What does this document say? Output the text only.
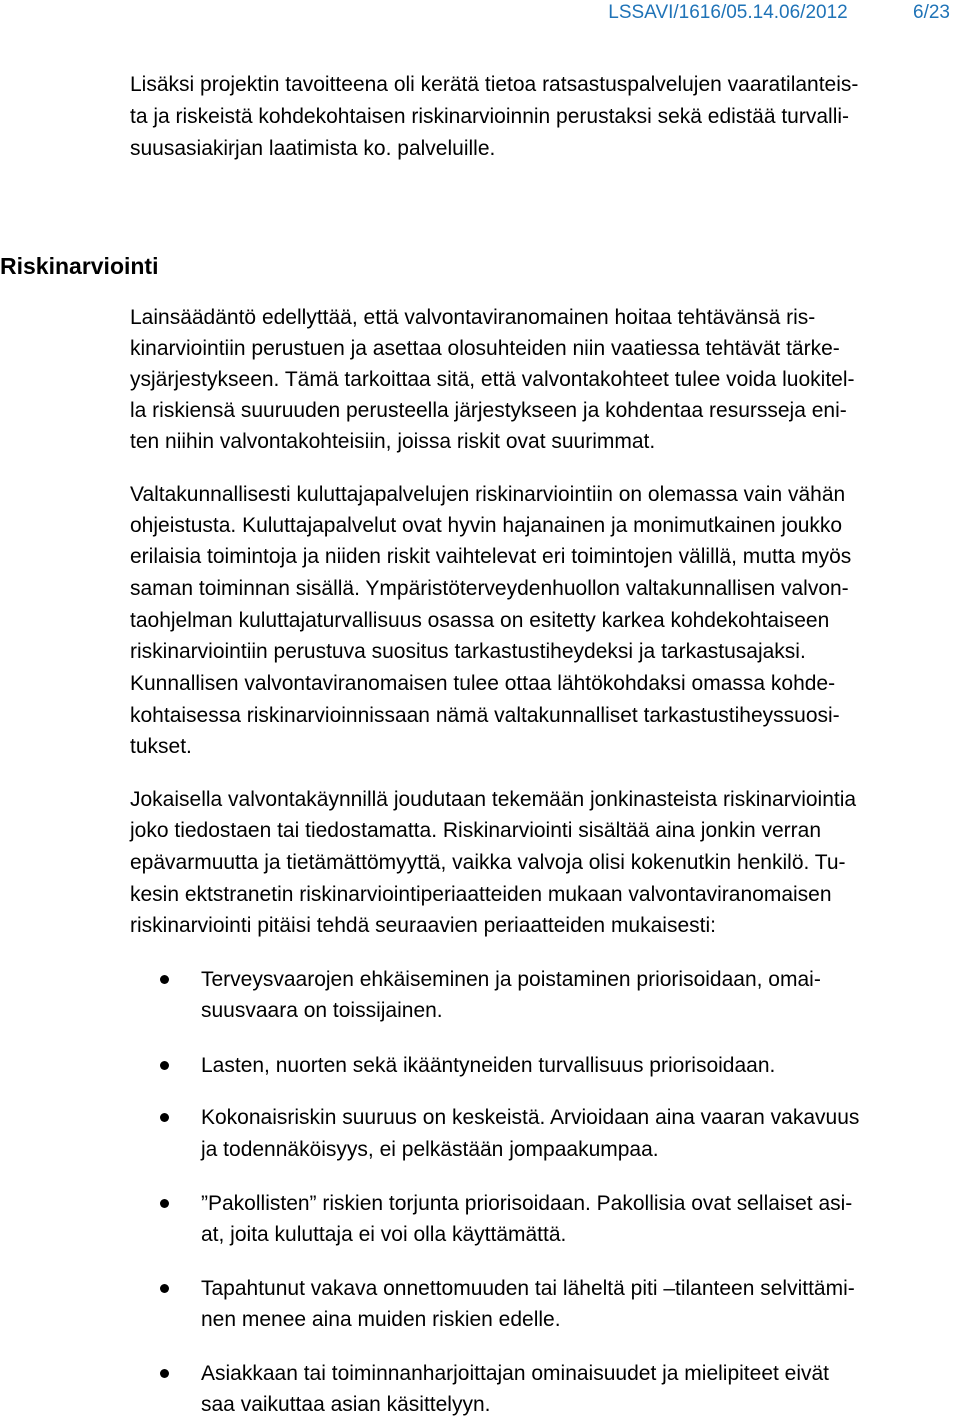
LSSAVI/1616/05.14.06/2012	6/23
Lisäksi projektin tavoitteena oli kerätä tietoa ratsastuspalvelujen vaaratilanteis-
ta ja riskeistä kohdekohtaisen riskinarvioinnin perustaksi sekä edistää turvalli-
suusasiakirjan laatimista ko. palveluille.
Riskinarviointi
Lainsäädäntö edellyttää, että valvontaviranomainen hoitaa tehtävänsä ris-
kinarviointiin perustuen ja asettaa olosuhteiden niin vaatiessa tehtävät tärke-
ysjärjestykseen. Tämä tarkoittaa sitä, että valvontakohteet tulee voida luokitel-
la riskiensä suuruuden perusteella järjestykseen ja kohdentaa resursseja eni-
ten niihin valvontakohteisiin, joissa riskit ovat suurimmat.
Valtakunnallisesti kuluttajapalvelujen riskinarviointiin on olemassa vain vähän
ohjeistusta. Kuluttajapalvelut ovat hyvin hajanainen ja monimutkainen joukko
erilaisia toimintoja ja niiden riskit vaihtelevat eri toimintojen välillä, mutta myös
saman toiminnan sisällä. Ympäristöterveydenhuollon valtakunnallisen valvon-
taohjelman kuluttajaturvallisuus osassa on esitetty karkea kohdekohtaiseen
riskinarviointiin perustuva suositus tarkastustiheydeksi ja tarkastusajaksi.
Kunnallisen valvontaviranomaisen tulee ottaa lähtökohdaksi omassa kohde-
kohtaisessa riskinarvioinnissaan nämä valtakunnalliset tarkastustiheyssuosi-
tukset.
Jokaisella valvontakäynnillä joudutaan tekemään jonkinasteista riskinarviointia
joko tiedostaen tai tiedostamatta. Riskinarviointi sisältää aina jonkin verran
epävarmuutta ja tietämättömyyttä, vaikka valvoja olisi kokenutkin henkilö. Tu-
kesin ektstranetin riskinarviointiperiaatteiden mukaan valvontaviranomaisen
riskinarviointi pitäisi tehdä seuraavien periaatteiden mukaisesti:
Terveysvaarojen ehkäiseminen ja poistaminen priorisoidaan, omai-
suusvaara on toissijainen.
Lasten, nuorten sekä ikääntyneiden turvallisuus priorisoidaan.
Kokonaisriskin suuruus on keskeistä. Arvioidaan aina vaaran vakavuus
ja todennäköisyys, ei pelkästään jompaakumpaa.
”Pakollisten” riskien torjunta priorisoidaan. Pakollisia ovat sellaiset asi-
at, joita kuluttaja ei voi olla käyttämättä.
Tapahtunut vakava onnettomuuden tai läheltä piti –tilanteen selvittämi-
nen menee aina muiden riskien edelle.
Asiakkaan tai toiminnanharjoittajan ominaisuudet ja mielipiteet eivät
saa vaikuttaa asian käsittelyyn.
